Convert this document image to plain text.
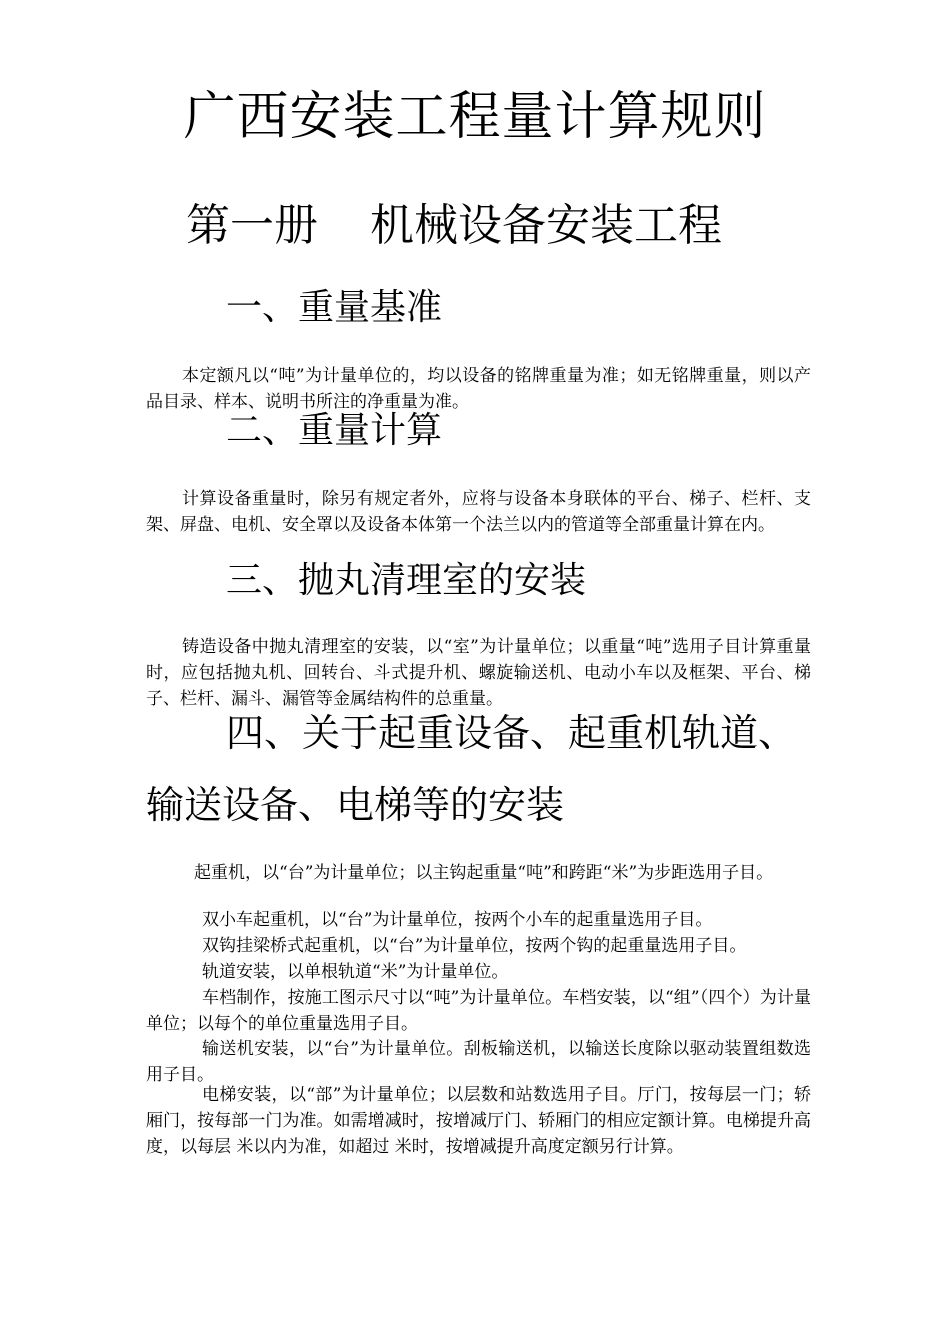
广西安装工程量计算规则
第一册 机械设备安装工程
一、重量基准

本定额凡以“吨”为计量单位的，均以设备的铭牌重量为准；如无铭牌重量，则以产品目录、样本、说明书所注的净重量为准。

二、重量计算

计算设备重量时，除另有规定者外，应将与设备本身联体的平台、梯子、栏杆、支架、屏盘、电机、安全罩以及设备本体第一个法兰以内的管道等全部重量计算在内。

三、抛丸清理室的安装

铸造设备中抛丸清理室的安装，以“室”为计量单位；以重量“吨”选用子目计算重量时，应包括抛丸机、回转台、斗式提升机、螺旋输送机、电动小车以及框架、平台、梯子、栏杆、漏斗、漏管等金属结构件的总重量。

四、关于起重设备、起重机轨道、
输送设备、电梯等的安装

起重机，以“台”为计量单位；以主钩起重量“吨”和跨距“米”为步距选用子目。

双小车起重机，以“台”为计量单位，按两个小车的起重量选用子目。

双钩挂梁桥式起重机，以“台”为计量单位，按两个钩的起重量选用子目。

轨道安装，以单根轨道“米”为计量单位。

车档制作，按施工图示尺寸以“吨”为计量单位。车档安装，以“组”（四个）为计量单位；以每个的单位重量选用子目。

输送机安装，以“台”为计量单位。刮板输送机，以输送长度除以驱动装置组数选用子目。

电梯安装，以“部”为计量单位；以层数和站数选用子目。厅门，按每层一门；轿厢门，按每部一门为准。如需增减时，按增减厅门、轿厢门的相应定额计算。电梯提升高度，以每层 米以内为准，如超过 米时，按增减提升高度定额另行计算。
